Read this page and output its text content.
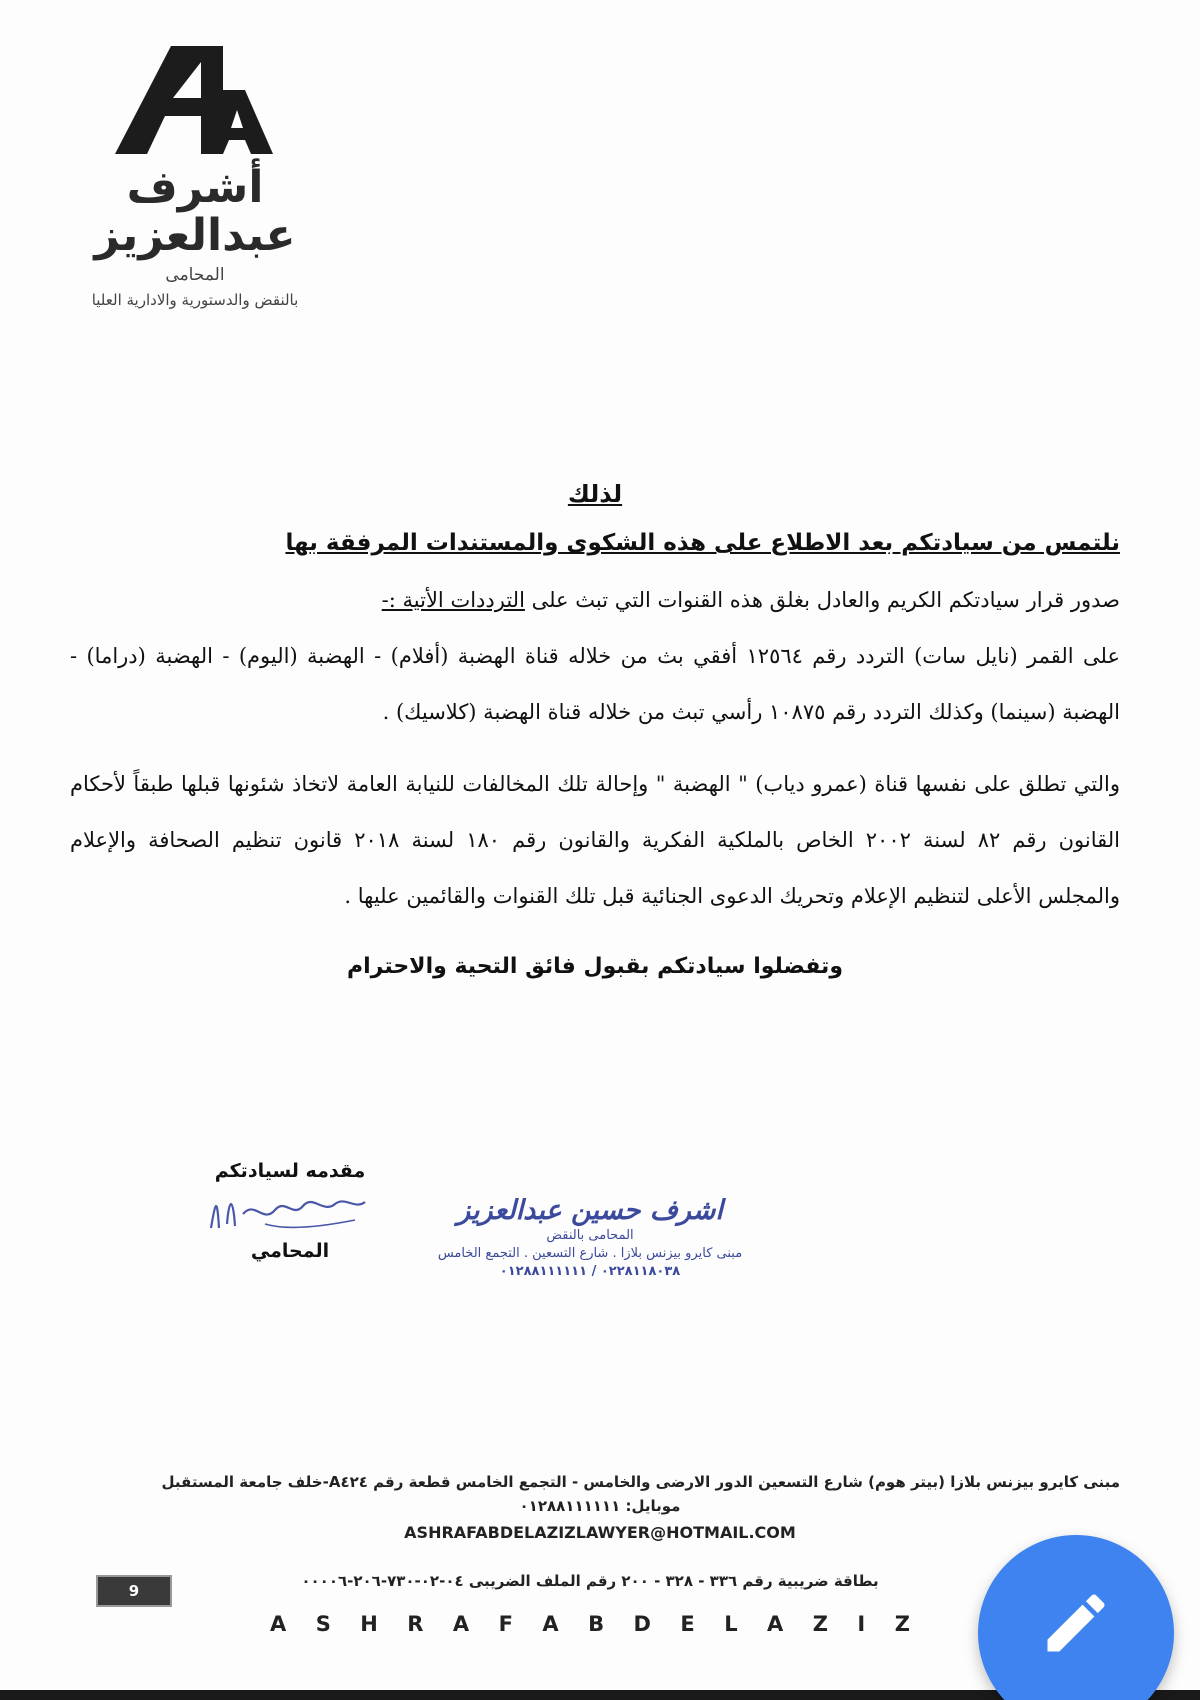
أشرف عبدالعزيز
المحامى
بالنقض والدستورية والادارية العليا
لذلك
نلتمس من سيادتكم بعد الاطلاع على هذه الشكوى والمستندات المرفقة بها

صدور قرار سيادتكم الكريم والعادل بغلق هذه القنوات التي تبث على الترددات الأتية :-

على القمر (نايل سات) التردد رقم ١٢٥٦٤ أفقي بث من خلاله قناة الهضبة (أفلام) - الهضبة (اليوم) - الهضبة (دراما) - الهضبة (سينما) وكذلك التردد رقم ١٠٨٧٥ رأسي تبث من خلاله قناة الهضبة (كلاسيك) .

والتي تطلق على نفسها قناة (عمرو دياب) " الهضبة " وإحالة تلك المخالفات للنيابة العامة لاتخاذ شئونها قبلها طبقاً لأحكام القانون رقم ٨٢ لسنة ٢٠٠٢ الخاص بالملكية الفكرية والقانون رقم ١٨٠ لسنة ٢٠١٨ قانون تنظيم الصحافة والإعلام والمجلس الأعلى لتنظيم الإعلام وتحريك الدعوى الجنائية قبل تلك القنوات والقائمين عليها .

وتفضلوا سيادتكم بقبول فائق التحية والاحترام
مقدمه لسيادتكم
المحامي
اشرف حسين عبدالعزيز
المحامى بالنقض
مبنى كايرو بيزنس بلازا . شارع التسعين . التجمع الخامس
٠٢٢٨١١٨٠٣٨ / ٠١٢٨٨١١١١١١
مبنى كايرو بيزنس بلازا (بيتر هوم) شارع التسعين الدور الارضى والخامس - التجمع الخامس قطعة رقم A٤٢٤-خلف جامعة المستقبل
موبايل: ٠١٢٨٨١١١١١١
ASHRAFABDELAZIZLAWYER@HOTMAIL.COM
9
بطاقة ضريبية رقم ٣٣٦ - ٣٢٨ - ٢٠٠ رقم الملف الضريبى ٠٤-٠٢-٧٣٠-٢٠٦-٠٠٠٠٦
A S H R A F A B D E L A Z I Z
